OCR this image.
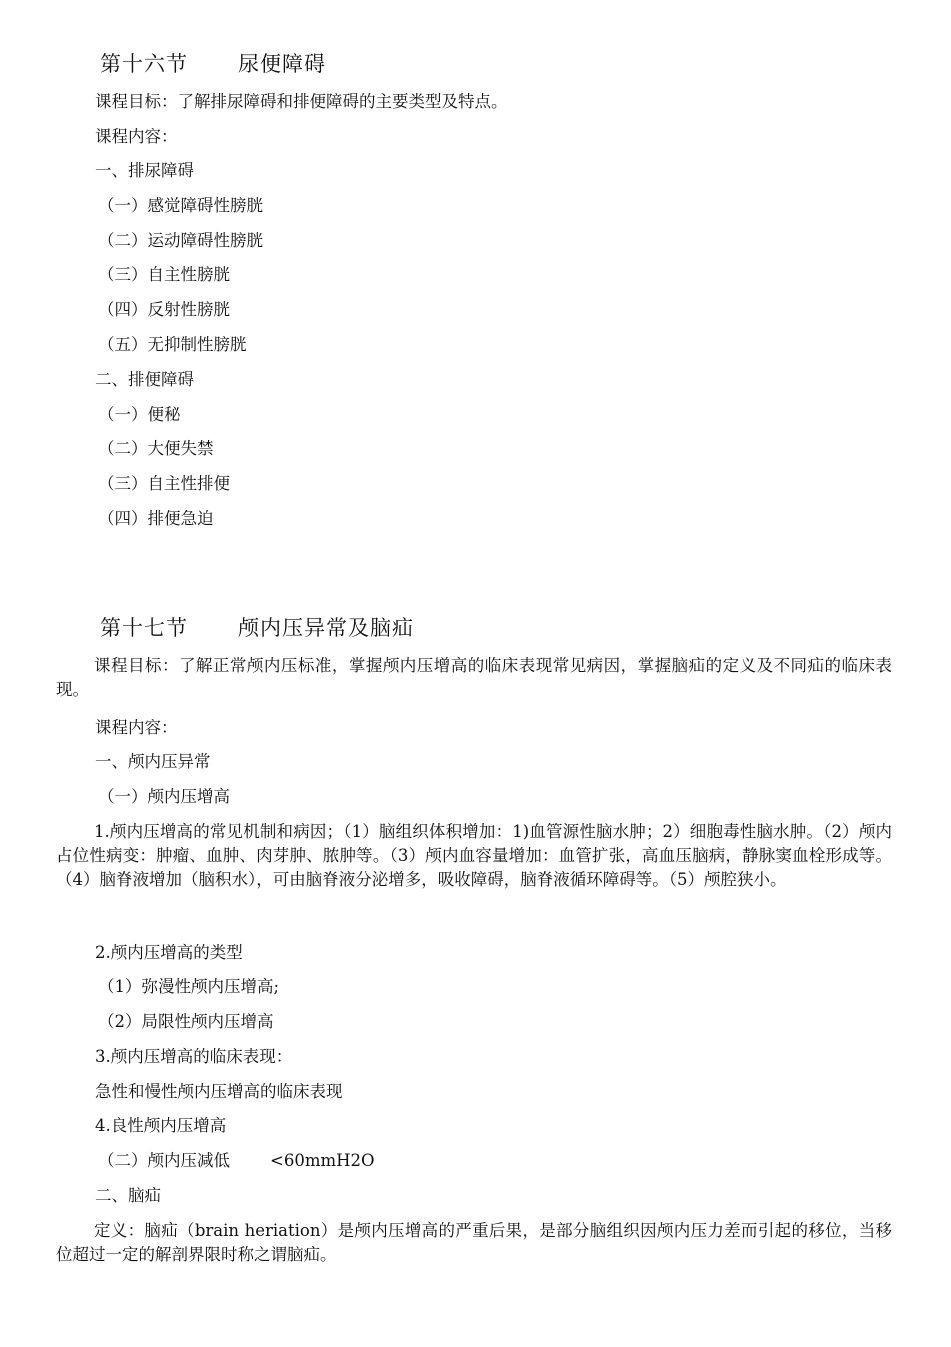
第十六节 尿便障碍
课程目标：了解排尿障碍和排便障碍的主要类型及特点。
课程内容：
一、排尿障碍
（一）感觉障碍性膀胱
（二）运动障碍性膀胱
（三）自主性膀胱
（四）反射性膀胱
（五）无抑制性膀胱
二、排便障碍
（一）便秘
（二）大便失禁
（三）自主性排便
（四）排便急迫
第十七节 颅内压异常及脑疝
课程目标：了解正常颅内压标准，掌握颅内压增高的临床表现常见病因，掌握脑疝的定义及不同疝的临床表现。
课程内容：
一、颅内压异常
（一）颅内压增高
1.颅内压增高的常见机制和病因；（1）脑组织体积增加：1)血管源性脑水肿；2）细胞毒性脑水肿。（2）颅内占位性病变：肿瘤、血肿、肉芽肿、脓肿等。（3）颅内血容量增加：血管扩张，高血压脑病，静脉窦血栓形成等。（4）脑脊液增加（脑积水），可由脑脊液分泌增多，吸收障碍，脑脊液循环障碍等。（5）颅腔狭小。
2.颅内压增高的类型
（1）弥漫性颅内压增高;
（2）局限性颅内压增高
3.颅内压增高的临床表现：
急性和慢性颅内压增高的临床表现
4.良性颅内压增高
（二）颅内压减低 <60mmH2O
二、脑疝
定义：脑疝（brain heriation）是颅内压增高的严重后果，是部分脑组织因颅内压力差而引起的移位，当移位超过一定的解剖界限时称之谓脑疝。
